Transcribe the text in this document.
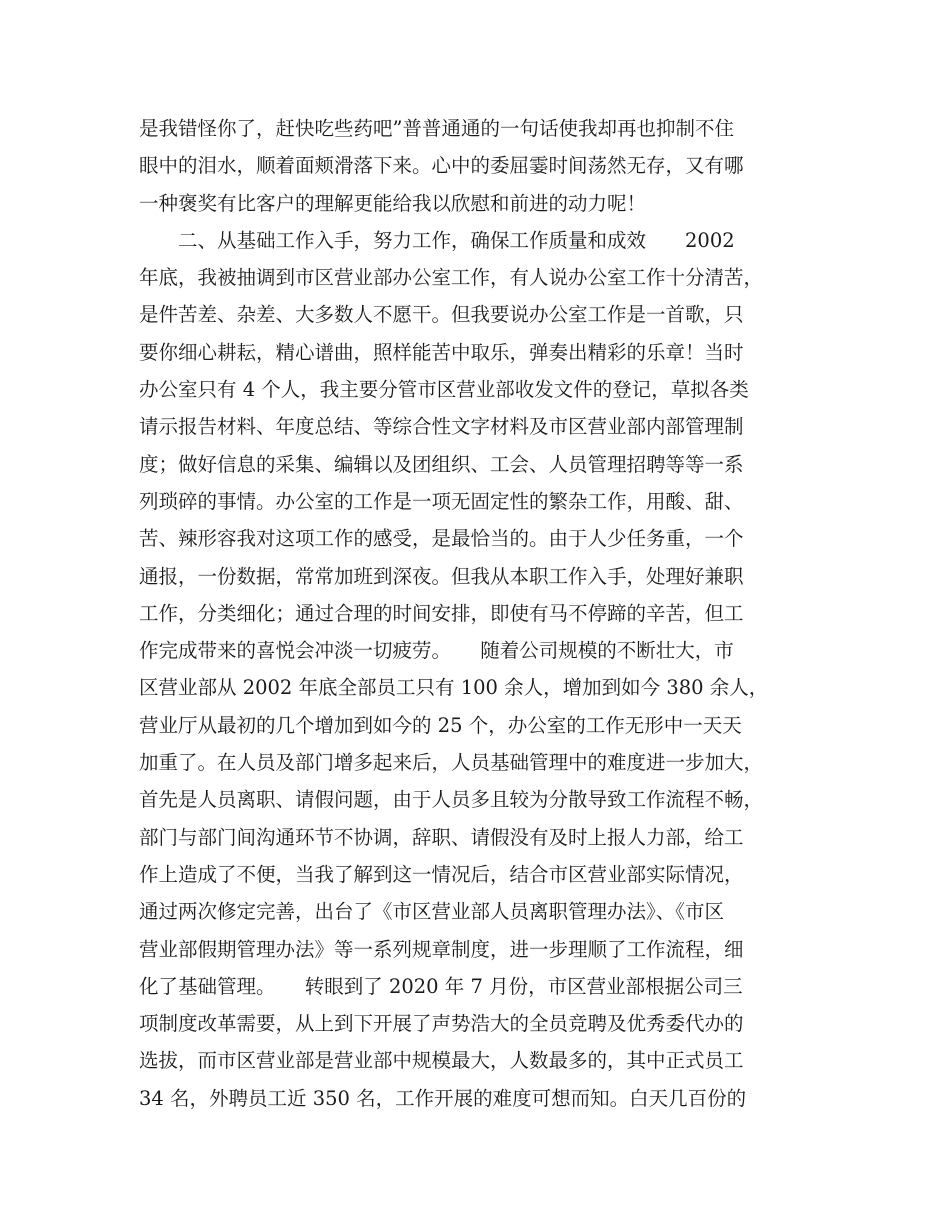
是我错怪你了，赶快吃些药吧”普普通通的一句话使我却再也抑制不住
眼中的泪水，顺着面颊滑落下来。心中的委屈霎时间荡然无存，又有哪
一种褒奖有比客户的理解更能给我以欣慰和前进的动力呢！
　　二、从基础工作入手，努力工作，确保工作质量和成效　　2002
年底，我被抽调到市区营业部办公室工作，有人说办公室工作十分清苦，
是件苦差、杂差、大多数人不愿干。但我要说办公室工作是一首歌，只
要你细心耕耘，精心谱曲，照样能苦中取乐，弹奏出精彩的乐章！当时
办公室只有 4 个人，我主要分管市区营业部收发文件的登记，草拟各类
请示报告材料、年度总结、等综合性文字材料及市区营业部内部管理制
度；做好信息的采集、编辑以及团组织、工会、人员管理招聘等等一系
列琐碎的事情。办公室的工作是一项无固定性的繁杂工作，用酸、甜、
苦、辣形容我对这项工作的感受，是最恰当的。由于人少任务重，一个
通报，一份数据，常常加班到深夜。但我从本职工作入手，处理好兼职
工作，分类细化；通过合理的时间安排，即使有马不停蹄的辛苦，但工
作完成带来的喜悦会冲淡一切疲劳。　　随着公司规模的不断壮大，市
区营业部从 2002 年底全部员工只有 100 余人，增加到如今 380 余人，
营业厅从最初的几个增加到如今的 25 个，办公室的工作无形中一天天
加重了。在人员及部门增多起来后，人员基础管理中的难度进一步加大，
首先是人员离职、请假问题，由于人员多且较为分散导致工作流程不畅，
部门与部门间沟通环节不协调，辞职、请假没有及时上报人力部，给工
作上造成了不便，当我了解到这一情况后，结合市区营业部实际情况，
通过两次修定完善，出台了《市区营业部人员离职管理办法》、《市区
营业部假期管理办法》等一系列规章制度，进一步理顺了工作流程，细
化了基础管理。　　转眼到了 2020 年 7 月份，市区营业部根据公司三
项制度改革需要，从上到下开展了声势浩大的全员竞聘及优秀委代办的
选拔，而市区营业部是营业部中规模最大，人数最多的，其中正式员工
34 名，外聘员工近 350 名，工作开展的难度可想而知。白天几百份的
